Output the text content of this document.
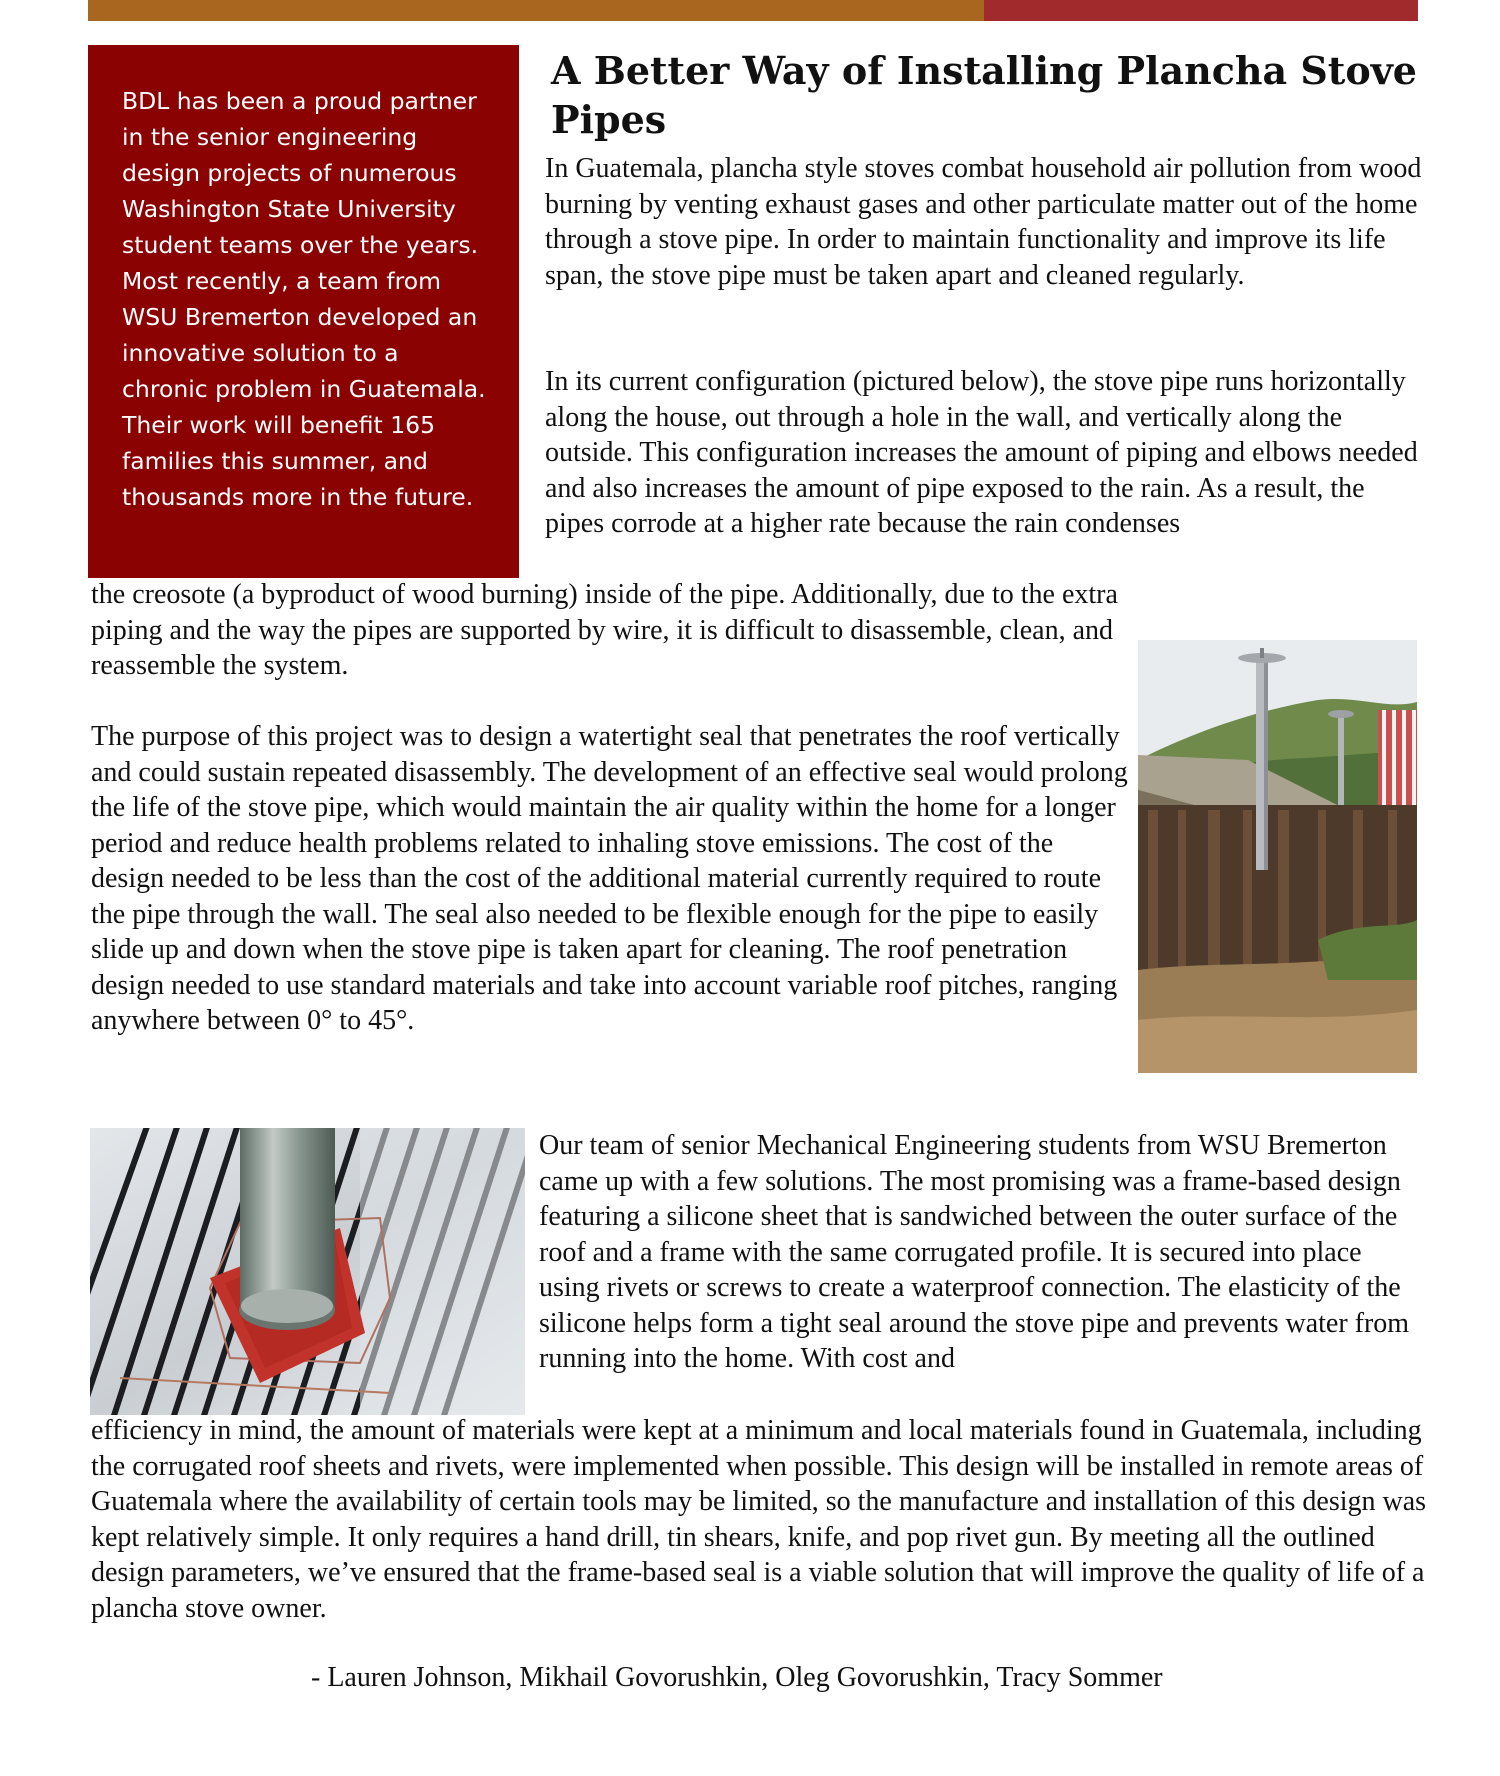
BDL has been a proud partner in the senior engineering design projects of numerous Washington State University student teams over the years. Most recently, a team from WSU Bremerton developed an innovative solution to a chronic problem in Guatemala. Their work will benefit 165 families this summer, and thousands more in the future.

A Better Way of Installing Plancha Stove Pipes

In Guatemala, plancha style stoves combat household air pollution from wood burning by venting exhaust gases and other particulate matter out of the home through a stove pipe. In order to maintain functionality and improve its life span, the stove pipe must be taken apart and cleaned regularly.

In its current configuration (pictured below), the stove pipe runs horizontally along the house, out through a hole in the wall, and vertically along the outside. This configuration increases the amount of piping and elbows needed and also increases the amount of pipe exposed to the rain. As a result, the pipes corrode at a higher rate because the rain condenses

the creosote (a byproduct of wood burning) inside of the pipe. Additionally, due to the extra piping and the way the pipes are supported by wire, it is difficult to disassemble, clean, and reassemble the system.

The purpose of this project was to design a watertight seal that penetrates the roof vertically and could sustain repeated disassembly. The development of an effective seal would prolong the life of the stove pipe, which would maintain the air quality within the home for a longer period and reduce health problems related to inhaling stove emissions. The cost of the design needed to be less than the cost of the additional material currently required to route the pipe through the wall. The seal also needed to be flexible enough for the pipe to easily slide up and down when the stove pipe is taken apart for cleaning. The roof penetration design needed to use standard materials and take into account variable roof pitches, ranging anywhere between 0° to 45°.

Our team of senior Mechanical Engineering students from WSU Bremerton came up with a few solutions. The most promising was a frame-based design featuring a silicone sheet that is sandwiched between the outer surface of the roof and a frame with the same corrugated profile. It is secured into place using rivets or screws to create a waterproof connection. The elasticity of the silicone helps form a tight seal around the stove pipe and prevents water from running into the home. With cost and

efficiency in mind, the amount of materials were kept at a minimum and local materials found in Guatemala, including the corrugated roof sheets and rivets, were implemented when possible. This design will be installed in remote areas of Guatemala where the availability of certain tools may be limited, so the manufacture and installation of this design was kept relatively simple. It only requires a hand drill, tin shears, knife, and pop rivet gun. By meeting all the outlined design parameters, we’ve ensured that the frame-based seal is a viable solution that will improve the quality of life of a plancha stove owner.

- Lauren Johnson, Mikhail Govorushkin, Oleg Govorushkin, Tracy Sommer
